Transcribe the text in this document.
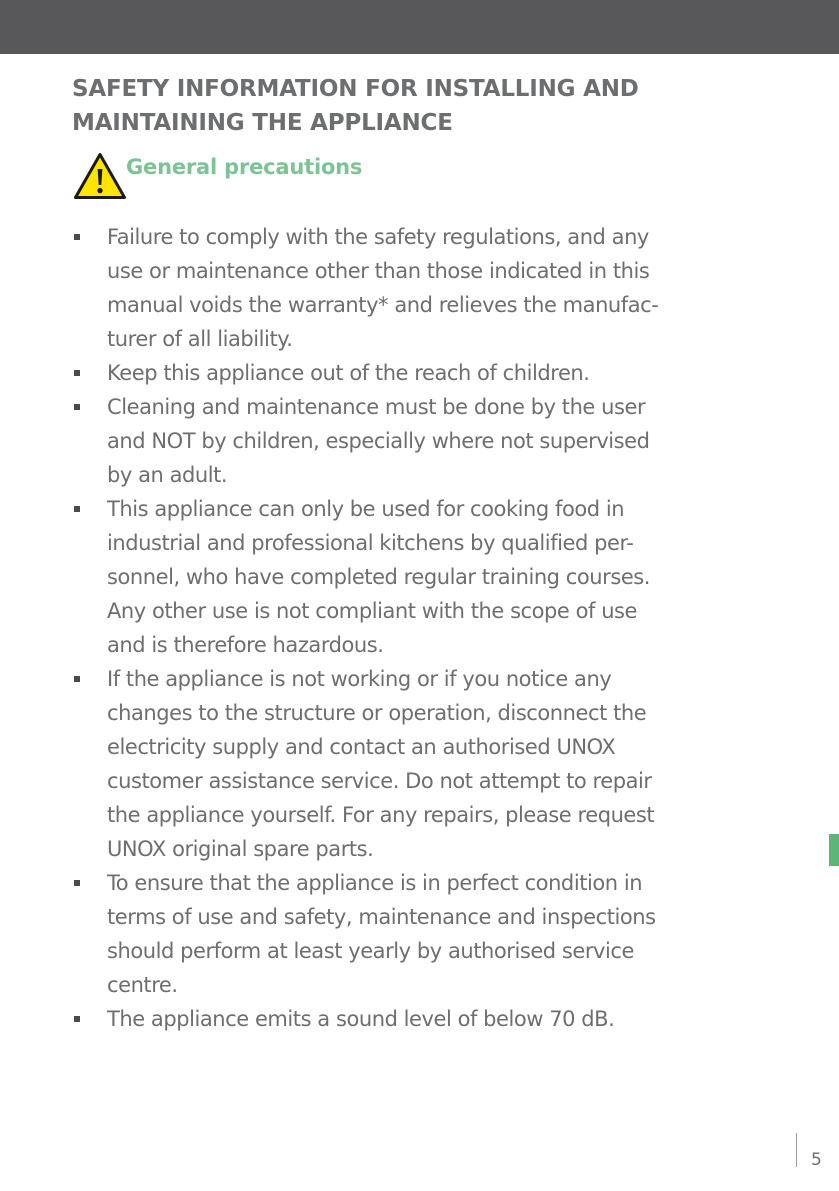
SAFETY INFORMATION FOR INSTALLING AND
MAINTAINING THE APPLIANCE
General precautions
Failure to comply with the safety regulations, and any
use or maintenance other than those indicated in this
manual voids the warranty* and relieves the manufac-
turer of all liability.
Keep this appliance out of the reach of children.
Cleaning and maintenance must be done by the user
and NOT by children, especially where not supervised
by an adult.
This appliance can only be used for cooking food in
industrial and professional kitchens by qualified per-
sonnel, who have completed regular training courses.
Any other use is not compliant with the scope of use
and is therefore hazardous.
If the appliance is not working or if you notice any
changes to the structure or operation, disconnect the
electricity supply and contact an authorised UNOX
customer assistance service. Do not attempt to repair
the appliance yourself. For any repairs, please request
UNOX original spare parts.
To ensure that the appliance is in perfect condition in
terms of use and safety, maintenance and inspections
should perform at least yearly by authorised service
centre.
The appliance emits a sound level of below 70 dB.
5
